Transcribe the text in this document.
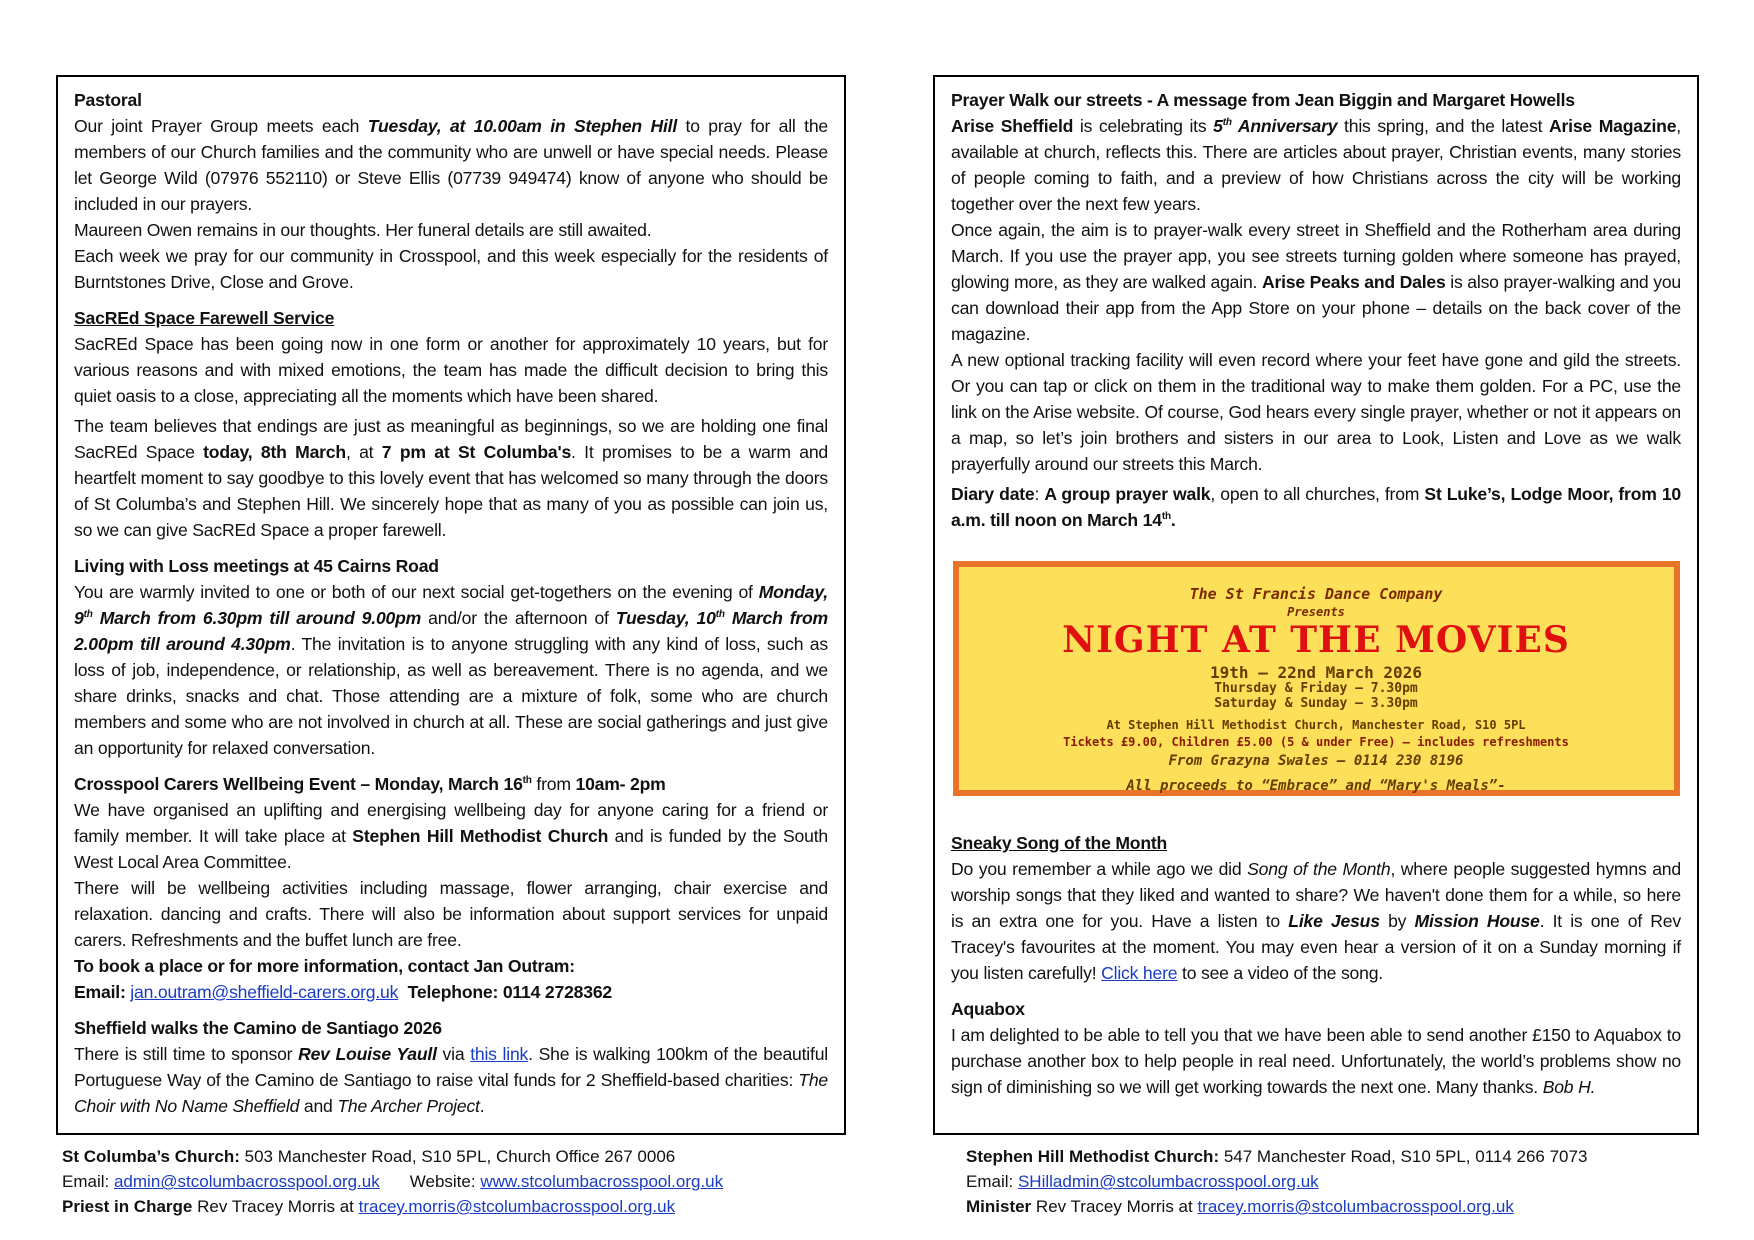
Pastoral

Our joint Prayer Group meets each Tuesday, at 10.00am in Stephen Hill to pray for all the members of our Church families and the community who are unwell or have special needs. Please let George Wild (07976 552110) or Steve Ellis (07739 949474) know of anyone who should be included in our prayers.

Maureen Owen remains in our thoughts. Her funeral details are still awaited.

Each week we pray for our community in Crosspool, and this week especially for the residents of Burntstones Drive, Close and Grove.

SacREd Space Farewell Service

SacREd Space has been going now in one form or another for approximately 10 years, but for various reasons and with mixed emotions, the team has made the difficult decision to bring this quiet oasis to a close, appreciating all the moments which have been shared.

The team believes that endings are just as meaningful as beginnings, so we are holding one final SacREd Space today, 8th March, at 7 pm at St Columba's. It promises to be a warm and heartfelt moment to say goodbye to this lovely event that has welcomed so many through the doors of St Columba’s and Stephen Hill. We sincerely hope that as many of you as possible can join us, so we can give SacREd Space a proper farewell.

Living with Loss meetings at 45 Cairns Road

You are warmly invited to one or both of our next social get-togethers on the evening of Monday, 9th March from 6.30pm till around 9.00pm and/or the afternoon of Tuesday, 10th March from 2.00pm till around 4.30pm. The invitation is to anyone struggling with any kind of loss, such as loss of job, independence, or relationship, as well as bereavement. There is no agenda, and we share drinks, snacks and chat. Those attending are a mixture of folk, some who are church members and some who are not involved in church at all. These are social gatherings and just give an opportunity for relaxed conversation.

Crosspool Carers Wellbeing Event – Monday, March 16th from 10am- 2pm

We have organised an uplifting and energising wellbeing day for anyone caring for a friend or family member. It will take place at Stephen Hill Methodist Church and is funded by the South West Local Area Committee.

There will be wellbeing activities including massage, flower arranging, chair exercise and relaxation. dancing and crafts. There will also be information about support services for unpaid carers. Refreshments and the buffet lunch are free.

To book a place or for more information, contact Jan Outram:

Email: jan.outram@sheffield-carers.org.uk Telephone: 0114 2728362

Sheffield walks the Camino de Santiago 2026

There is still time to sponsor Rev Louise Yaull via this link. She is walking 100km of the beautiful Portuguese Way of the Camino de Santiago to raise vital funds for 2 Sheffield-based charities: The Choir with No Name Sheffield and The Archer Project.

Prayer Walk our streets - A message from Jean Biggin and Margaret Howells

Arise Sheffield is celebrating its 5th Anniversary this spring, and the latest Arise Magazine, available at church, reflects this. There are articles about prayer, Christian events, many stories of people coming to faith, and a preview of how Christians across the city will be working together over the next few years.

Once again, the aim is to prayer-walk every street in Sheffield and the Rotherham area during March. If you use the prayer app, you see streets turning golden where someone has prayed, glowing more, as they are walked again. Arise Peaks and Dales is also prayer-walking and you can download their app from the App Store on your phone – details on the back cover of the magazine.

A new optional tracking facility will even record where your feet have gone and gild the streets. Or you can tap or click on them in the traditional way to make them golden. For a PC, use the link on the Arise website. Of course, God hears every single prayer, whether or not it appears on a map, so let’s join brothers and sisters in our area to Look, Listen and Love as we walk prayerfully around our streets this March.

Diary date: A group prayer walk, open to all churches, from St Luke’s, Lodge Moor, from 10 a.m. till noon on March 14th.

The St Francis Dance Company
Presents
NIGHT AT THE MOVIES
19th – 22nd March 2026
Thursday & Friday – 7.30pm
Saturday & Sunday – 3.30pm
At Stephen Hill Methodist Church, Manchester Road, S10 5PL
Tickets £9.00, Children £5.00 (5 & under Free) – includes refreshments
From Grazyna Swales – 0114 230 8196
All proceeds to “Embrace” and “Mary's Meals”-
Sneaky Song of the Month

Do you remember a while ago we did Song of the Month, where people suggested hymns and worship songs that they liked and wanted to share? We haven't done them for a while, so here is an extra one for you. Have a listen to Like Jesus by Mission House. It is one of Rev Tracey's favourites at the moment. You may even hear a version of it on a Sunday morning if you listen carefully! Click here to see a video of the song.

Aquabox

I am delighted to be able to tell you that we have been able to send another £150 to Aquabox to purchase another box to help people in real need. Unfortunately, the world’s problems show no sign of diminishing so we will get working towards the next one. Many thanks. Bob H.

St Columba’s Church: 503 Manchester Road, S10 5PL, Church Office 267 0006
Email: admin@stcolumbacrosspool.org.uk Website: www.stcolumbacrosspool.org.uk
Priest in Charge Rev Tracey Morris at tracey.morris@stcolumbacrosspool.org.uk
Stephen Hill Methodist Church: 547 Manchester Road, S10 5PL, 0114 266 7073
Email: SHilladmin@stcolumbacrosspool.org.uk
Minister Rev Tracey Morris at tracey.morris@stcolumbacrosspool.org.uk
